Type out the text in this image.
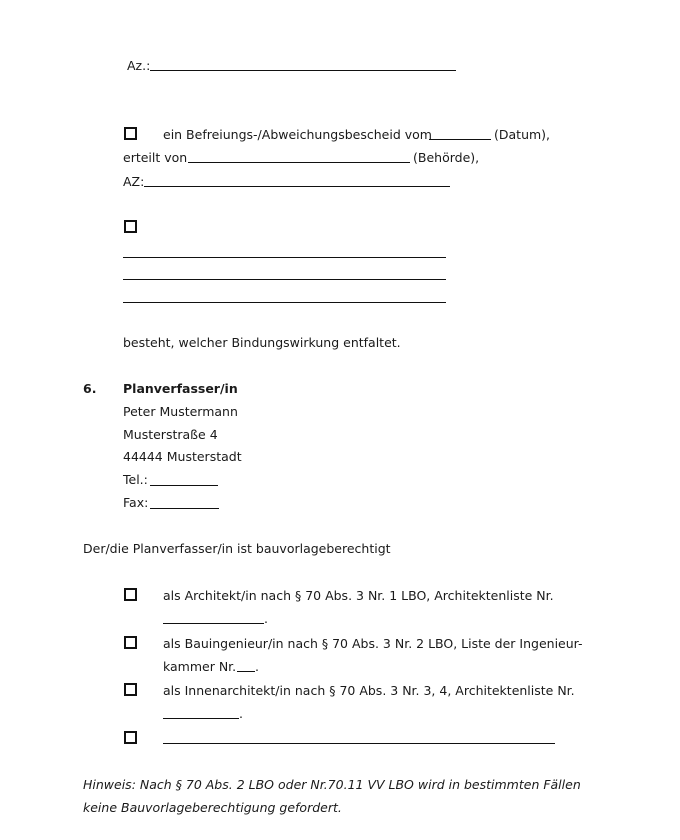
Az.:
ein Befreiungs-/Abweichungsbescheid vom	(Datum),
erteilt von	(Behörde),
AZ:
besteht, welcher Bindungswirkung entfaltet.
6. Planverfasser/in
Peter Mustermann
Musterstraße 4
44444 Musterstadt
Tel.:
Fax:
Der/die Planverfasser/in ist bauvorlageberechtigt
als Architekt/in nach § 70 Abs. 3 Nr. 1 LBO, Architektenliste Nr.
.
als Bauingenieur/in nach § 70 Abs. 3 Nr. 2 LBO, Liste der Ingenieur-
kammer Nr. .
als Innenarchitekt/in nach § 70 Abs. 3 Nr. 3, 4, Architektenliste Nr.
.
Hinweis: Nach § 70 Abs. 2 LBO oder Nr.70.11 VV LBO wird in bestimmten Fällen
keine Bauvorlageberechtigung gefordert.
